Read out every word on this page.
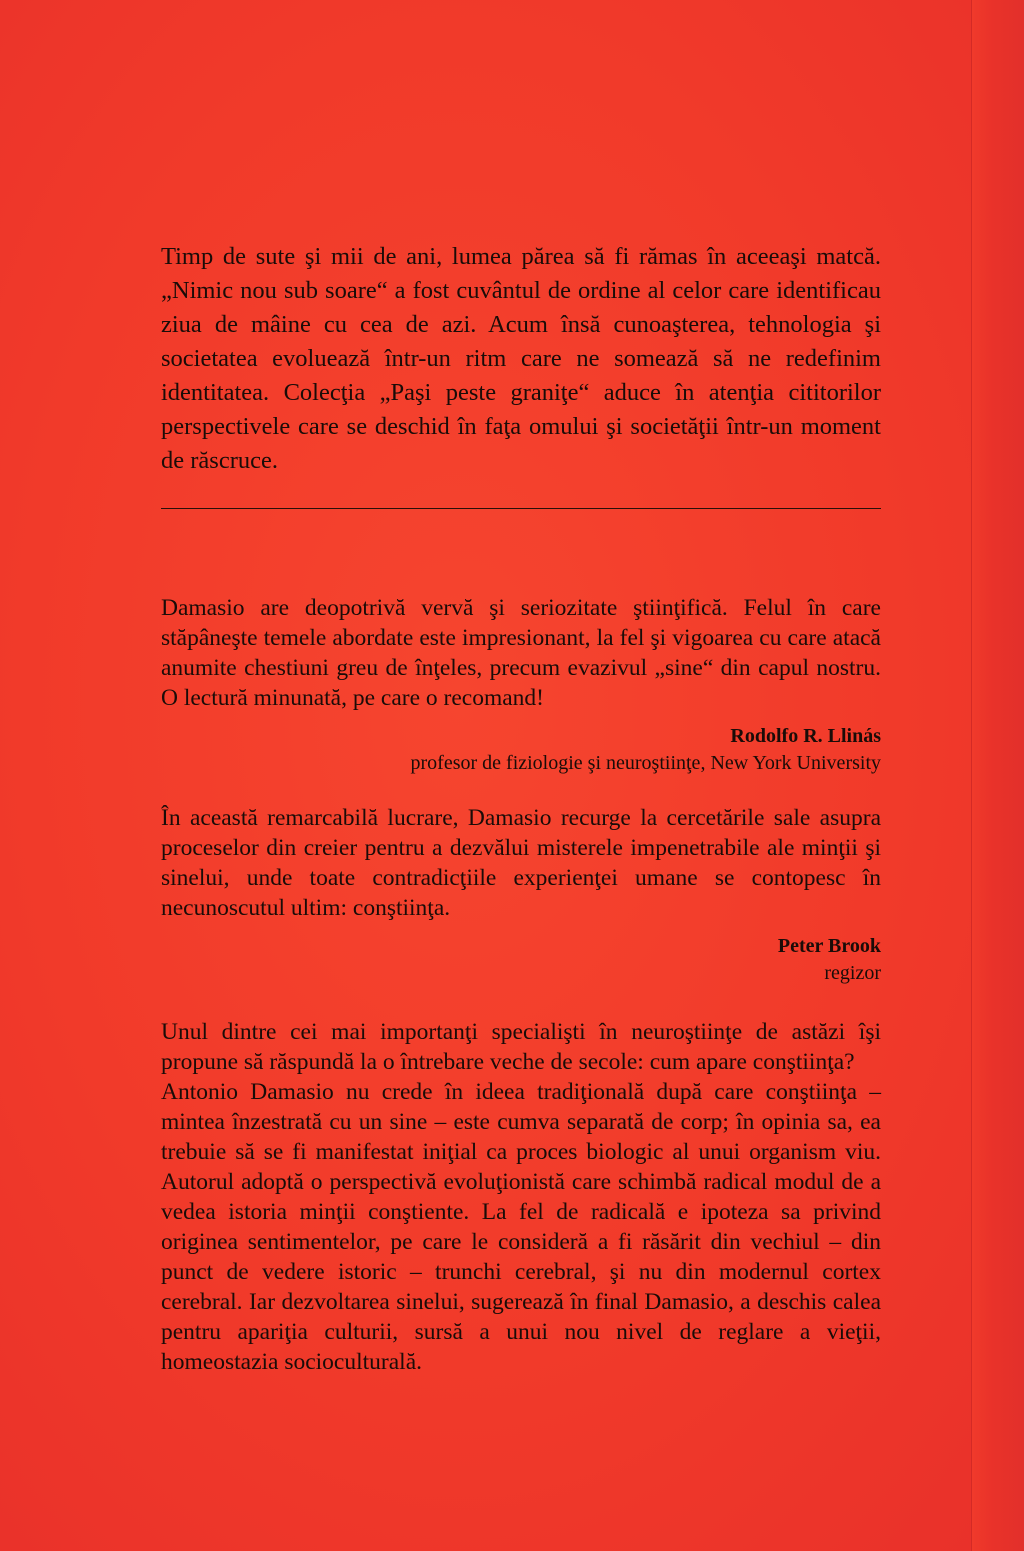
Timp de sute şi mii de ani, lumea părea să fi rămas în aceeaşi matcă. „Nimic nou sub soare“ a fost cuvântul de ordine al celor care identificau ziua de mâine cu cea de azi. Acum însă cunoaşterea, tehnologia şi societatea evoluează într-un ritm care ne somează să ne redefinim identitatea. Colecţia „Paşi peste graniţe“ aduce în atenţia cititorilor perspectivele care se deschid în faţa omului şi societăţii într-un moment de răscruce.

Damasio are deopotrivă vervă şi seriozitate ştiinţifică. Felul în care stăpâneşte temele abordate este impresionant, la fel şi vigoarea cu care atacă anumite chestiuni greu de înţeles, precum evazivul „sine“ din capul nostru. O lectură minunată, pe care o recomand!

Rodolfo R. Llinás
profesor de fiziologie şi neuroştiinţe, New York University

În această remarcabilă lucrare, Damasio recurge la cercetările sale asupra proceselor din creier pentru a dezvălui misterele impenetrabile ale minţii şi sinelui, unde toate contradicţiile experienţei umane se contopesc în necunoscutul ultim: conştiinţa.

Peter Brook
regizor

Unul dintre cei mai importanţi specialişti în neuroştiinţe de astăzi îşi propune să răspundă la o întrebare veche de secole: cum apare conştiinţa?

Antonio Damasio nu crede în ideea tradiţională după care conştiinţa – mintea înzestrată cu un sine – este cumva separată de corp; în opinia sa, ea trebuie să se fi manifestat iniţial ca proces biologic al unui organism viu. Autorul adoptă o perspectivă evoluţionistă care schimbă radical modul de a vedea istoria minţii conştiente. La fel de radicală e ipoteza sa privind originea sentimentelor, pe care le consideră a fi răsărit din vechiul – din punct de vedere istoric – trunchi cerebral, şi nu din modernul cortex cerebral. Iar dezvoltarea sinelui, sugerează în final Damasio, a deschis calea pentru apariţia culturii, sursă a unui nou nivel de reglare a vieţii, homeostazia socioculturală.
